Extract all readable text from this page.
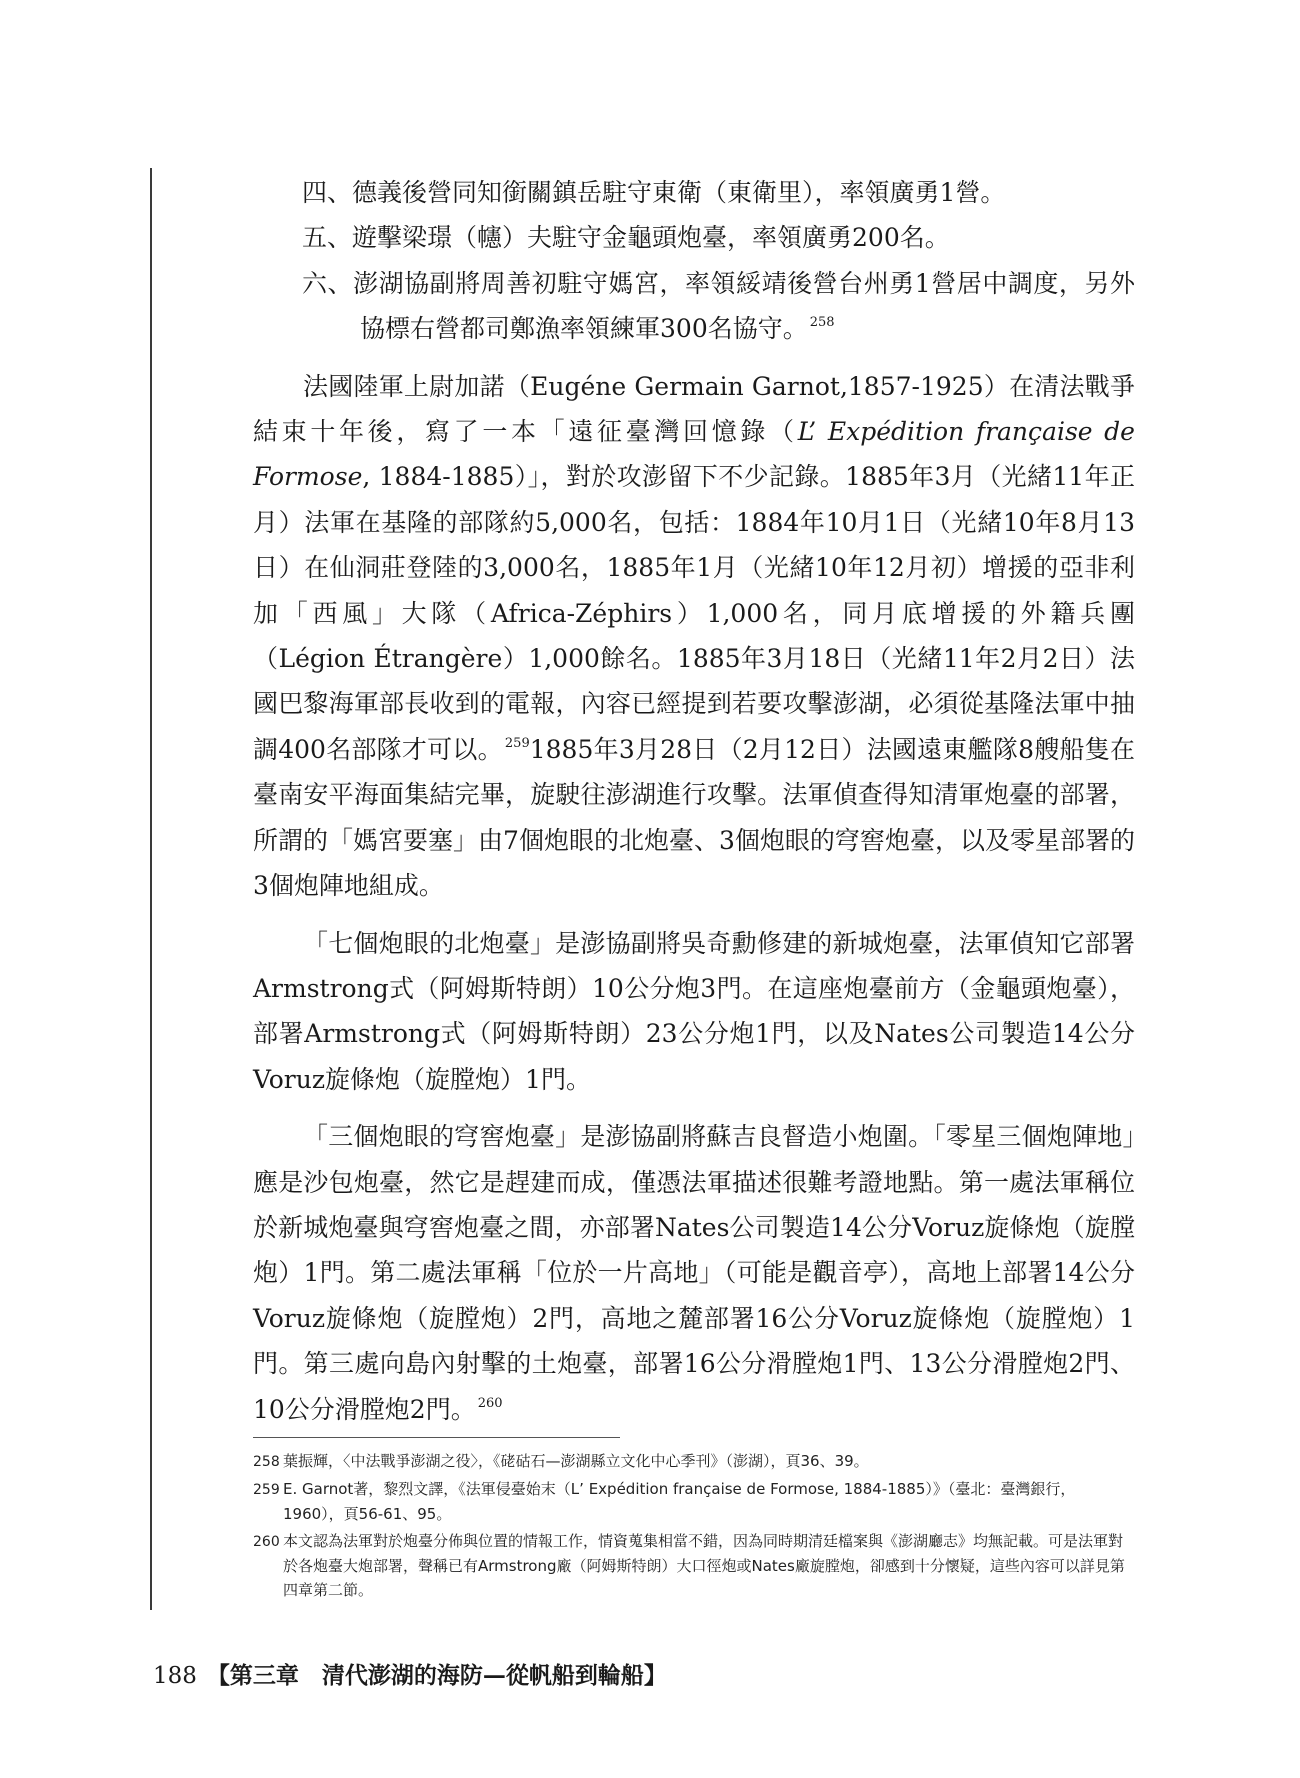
四、德義後營同知銜關鎮岳駐守東衛（東衛里），率領廣勇1營。

五、遊擊梁璟（幰）夫駐守金龜頭炮臺，率領廣勇200名。

六、澎湖協副將周善初駐守媽宮，率領綏靖後營台州勇1營居中調度，另外協標右營都司鄭漁率領練軍300名協守。 $^{258}$

法國陸軍上尉加諾（Eugéne Germain Garnot,1857-1925）在清法戰爭結束十年後，寫了一本「遠征臺灣回憶錄（L’ Expédition française de Formose, 1884-1885）」，對於攻澎留下不少記錄。1885年3月（光緒11年正月）法軍在基隆的部隊約5,000名，包括：1884年10月1日（光緒10年8月13日）在仙洞莊登陸的3,000名，1885年1月（光緒10年12月初）增援的亞非利加「西風」大隊（Africa-Zéphirs）1,000名，同月底增援的外籍兵團（Légion Étrangère）1,000餘名。1885年3月18日（光緒11年2月2日）法國巴黎海軍部長收到的電報，內容已經提到若要攻擊澎湖，必須從基隆法軍中抽調400名部隊才可以。 $^{259}$1885年3月28日（2月12日）法國遠東艦隊8艘船隻在臺南安平海面集結完畢，旋駛往澎湖進行攻擊。法軍偵查得知清軍炮臺的部署，所謂的「媽宮要塞」由7個炮眼的北炮臺、3個炮眼的穹窖炮臺，以及零星部署的3個炮陣地組成。

「七個炮眼的北炮臺」是澎協副將吳奇勳修建的新城炮臺，法軍偵知它部署Armstrong式（阿姆斯特朗）10公分炮3門。在這座炮臺前方（金龜頭炮臺），部署Armstrong式（阿姆斯特朗）23公分炮1門，以及Nates公司製造14公分Voruz旋條炮（旋膛炮）1門。

「三個炮眼的穹窖炮臺」是澎協副將蘇吉良督造小炮圍。「零星三個炮陣地」應是沙包炮臺，然它是趕建而成，僅憑法軍描述很難考證地點。第一處法軍稱位於新城炮臺與穹窖炮臺之間，亦部署Nates公司製造14公分Voruz旋條炮（旋膛炮）1門。第二處法軍稱「位於一片高地」（可能是觀音亭），高地上部署14公分Voruz旋條炮（旋膛炮）2門，高地之麓部署16公分Voruz旋條炮（旋膛炮）1門。第三處向島內射擊的土炮臺，部署16公分滑膛炮1門、13公分滑膛炮2門、10公分滑膛炮2門。 $^{260}$

258 葉振輝，〈中法戰爭澎湖之役〉，《硓𥑮石—澎湖縣立文化中心季刊》（澎湖），頁36、39。

259 E. Garnot著，黎烈文譯，《法軍侵臺始末（L’ Expédition française de Formose, 1884-1885）》（臺北：臺灣銀行，1960），頁56-61、95。

260 本文認為法軍對於炮臺分佈與位置的情報工作，情資蒐集相當不錯，因為同時期清廷檔案與《澎湖廳志》均無記載。可是法軍對於各炮臺大炮部署，聲稱已有Armstrong廠（阿姆斯特朗）大口徑炮或Nates廠旋膛炮，卻感到十分懷疑，這些內容可以詳見第四章第二節。

188 【第三章　清代澎湖的海防—從帆船到輪船】
